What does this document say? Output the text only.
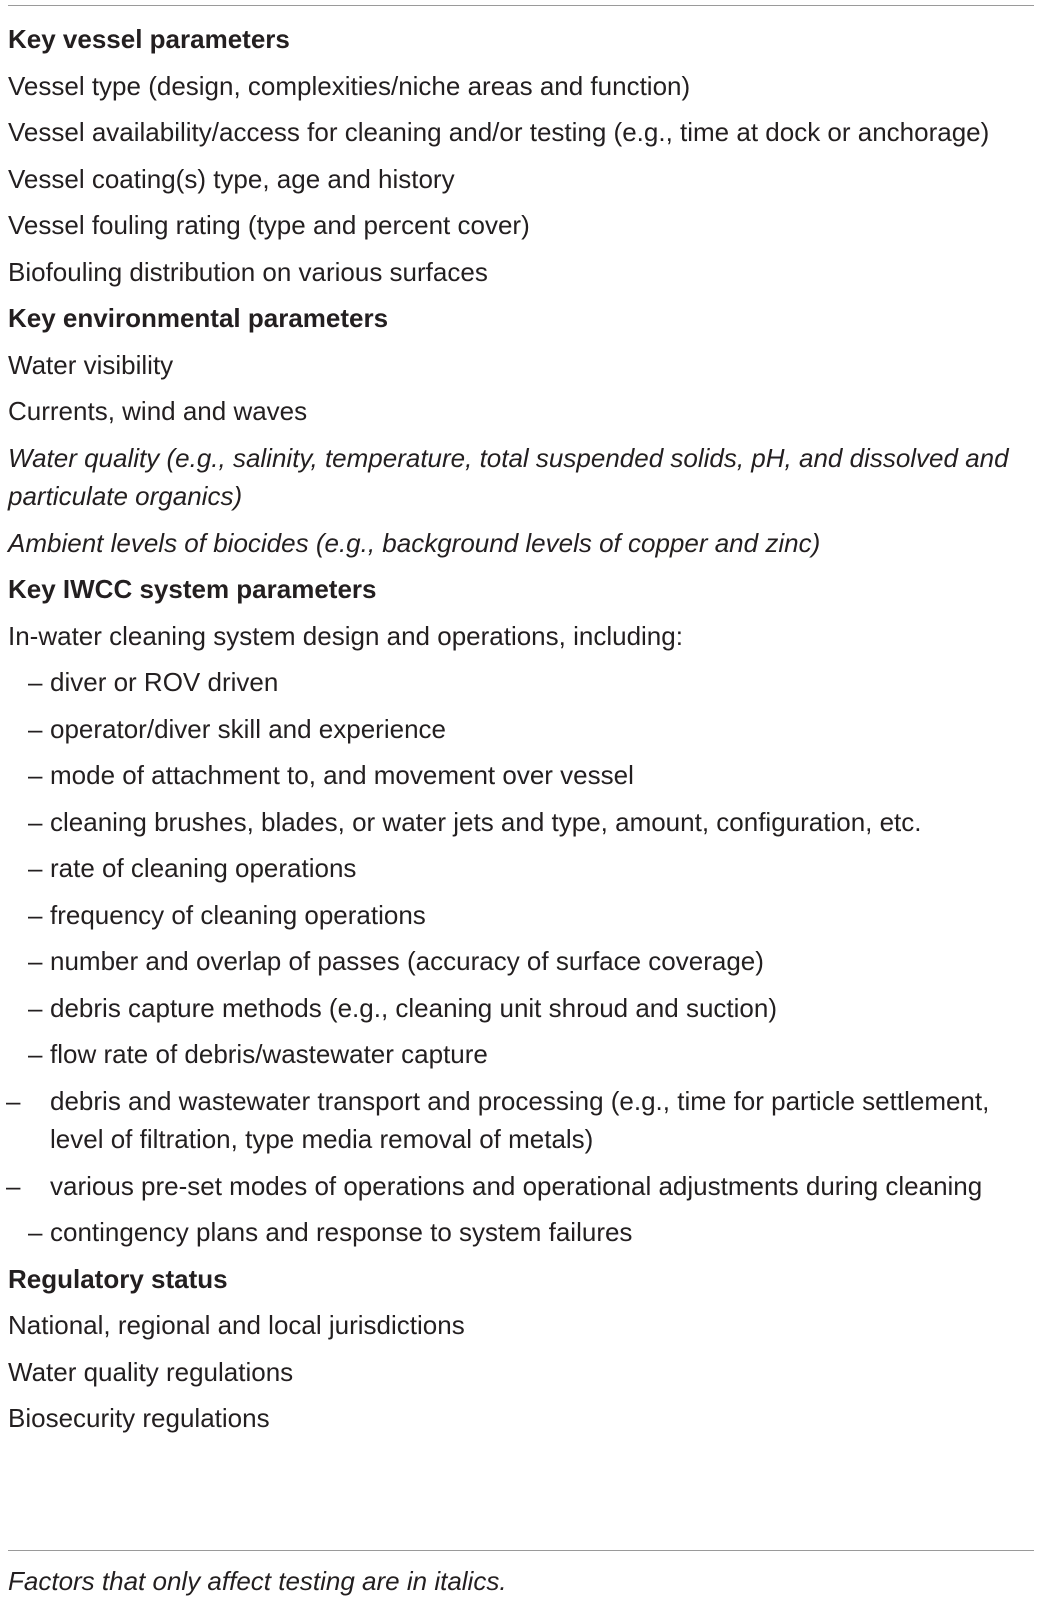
Key vessel parameters
Vessel type (design, complexities/niche areas and function)
Vessel availability/access for cleaning and/or testing (e.g., time at dock or anchorage)
Vessel coating(s) type, age and history
Vessel fouling rating (type and percent cover)
Biofouling distribution on various surfaces
Key environmental parameters
Water visibility
Currents, wind and waves
Water quality (e.g., salinity, temperature, total suspended solids, pH, and dissolved and particulate organics)
Ambient levels of biocides (e.g., background levels of copper and zinc)
Key IWCC system parameters
In-water cleaning system design and operations, including:
– diver or ROV driven
– operator/diver skill and experience
– mode of attachment to, and movement over vessel
– cleaning brushes, blades, or water jets and type, amount, configuration, etc.
– rate of cleaning operations
– frequency of cleaning operations
– number and overlap of passes (accuracy of surface coverage)
– debris capture methods (e.g., cleaning unit shroud and suction)
– flow rate of debris/wastewater capture
– debris and wastewater transport and processing (e.g., time for particle settlement, level of filtration, type media removal of metals)
– various pre-set modes of operations and operational adjustments during cleaning
– contingency plans and response to system failures
Regulatory status
National, regional and local jurisdictions
Water quality regulations
Biosecurity regulations
Factors that only affect testing are in italics.
